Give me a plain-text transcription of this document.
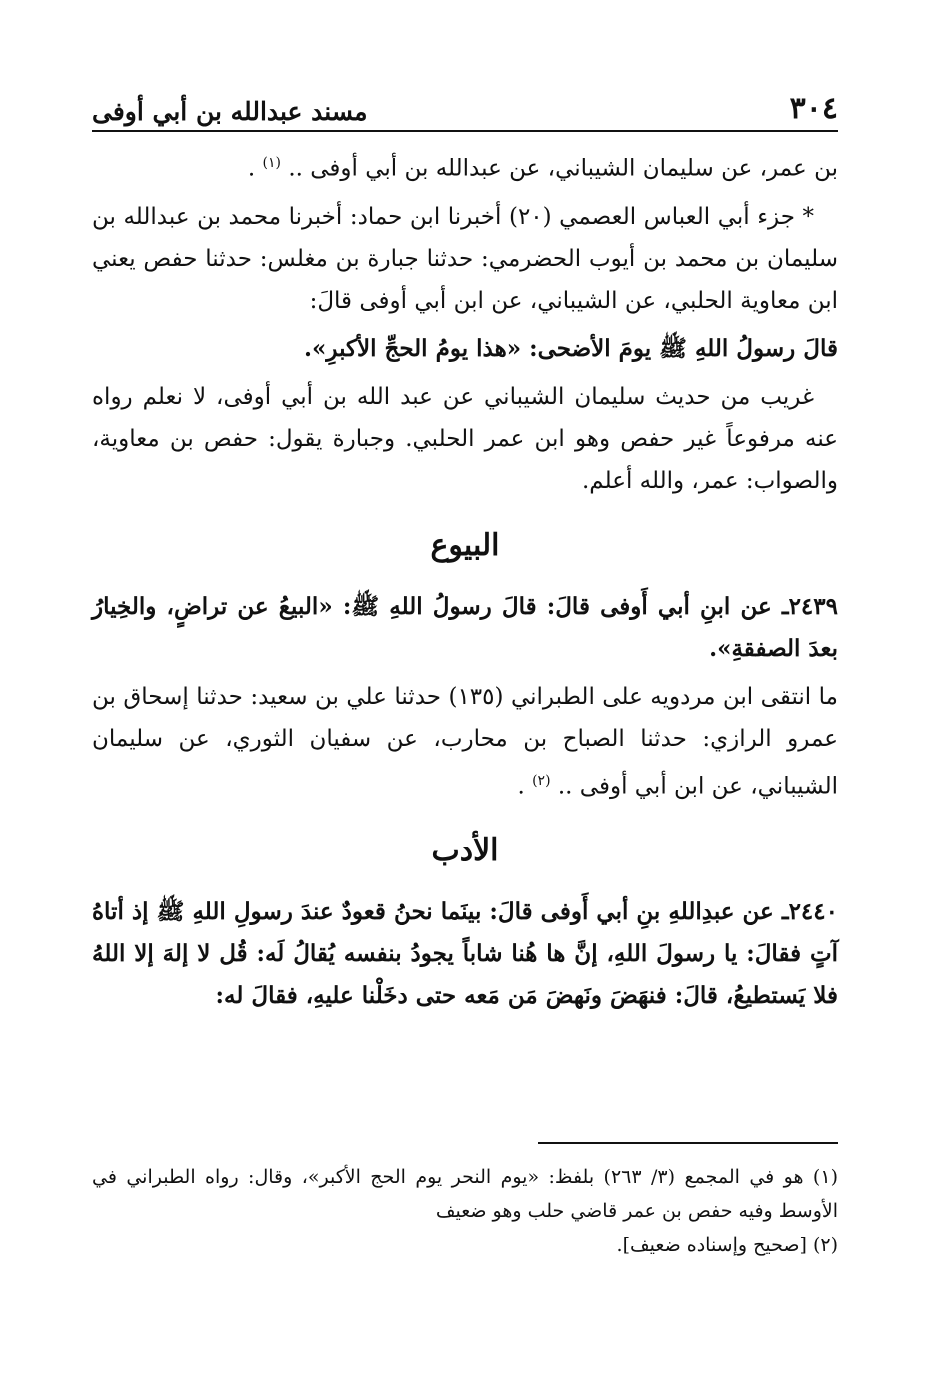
٣٠٤
مسند عبدالله بن أبي أوفى

بن عمر، عن سليمان الشيباني، عن عبدالله بن أبي أوفى .. $^{(١)}$ .

* جزء أبي العباس العصمي (٢٠) أخبرنا ابن حماد: أخبرنا محمد بن عبدالله بن سليمان بن محمد بن أيوب الحضرمي: حدثنا جبارة بن مغلس: حدثنا حفص يعني ابن معاوية الحلبي، عن الشيباني، عن ابن أبي أوفى قالَ:

قالَ رسولُ اللهِ ﷺ يومَ الأضحى: «هذا يومُ الحجِّ الأكبرِ».

غريب من حديث سليمان الشيباني عن عبد الله بن أبي أوفى، لا نعلم رواه عنه مرفوعاً غير حفص وهو ابن عمر الحلبي. وجبارة يقول: حفص بن معاوية، والصواب: عمر، والله أعلم.

البيوع

٢٤٣٩ـ عن ابنِ أبي أَوفى قالَ: قالَ رسولُ اللهِ ﷺ: «البيعُ عن تراضٍ، والخِيارُ بعدَ الصفقةِ».

ما انتقى ابن مردويه على الطبراني (١٣٥) حدثنا علي بن سعيد: حدثنا إسحاق بن عمرو الرازي: حدثنا الصباح بن محارب، عن سفيان الثوري، عن سليمان الشيباني، عن ابن أبي أوفى .. $^{(٢)}$ .

الأدب

٢٤٤٠ـ عن عبدِاللهِ بنِ أبي أَوفى قالَ: بينَما نحنُ قعودٌ عندَ رسولِ اللهِ ﷺ إذ أتاهُ آتٍ فقالَ: يا رسولَ اللهِ، إنَّ ها هُنا شاباً يجودُ بنفسه يُقالُ لَه: قُل لا إلهَ إلا اللهُ فلا يَستطيعُ، قالَ: فنهَضَ ونَهضَ مَن مَعه حتى دخَلْنا عليهِ، فقالَ له:

(١) هو في المجمع (٣/ ٢٦٣) بلفظ: «يوم النحر يوم الحج الأكبر»، وقال: رواه الطبراني في الأوسط وفيه حفص بن عمر قاضي حلب وهو ضعيف

(٢) [صحيح وإسناده ضعيف].
